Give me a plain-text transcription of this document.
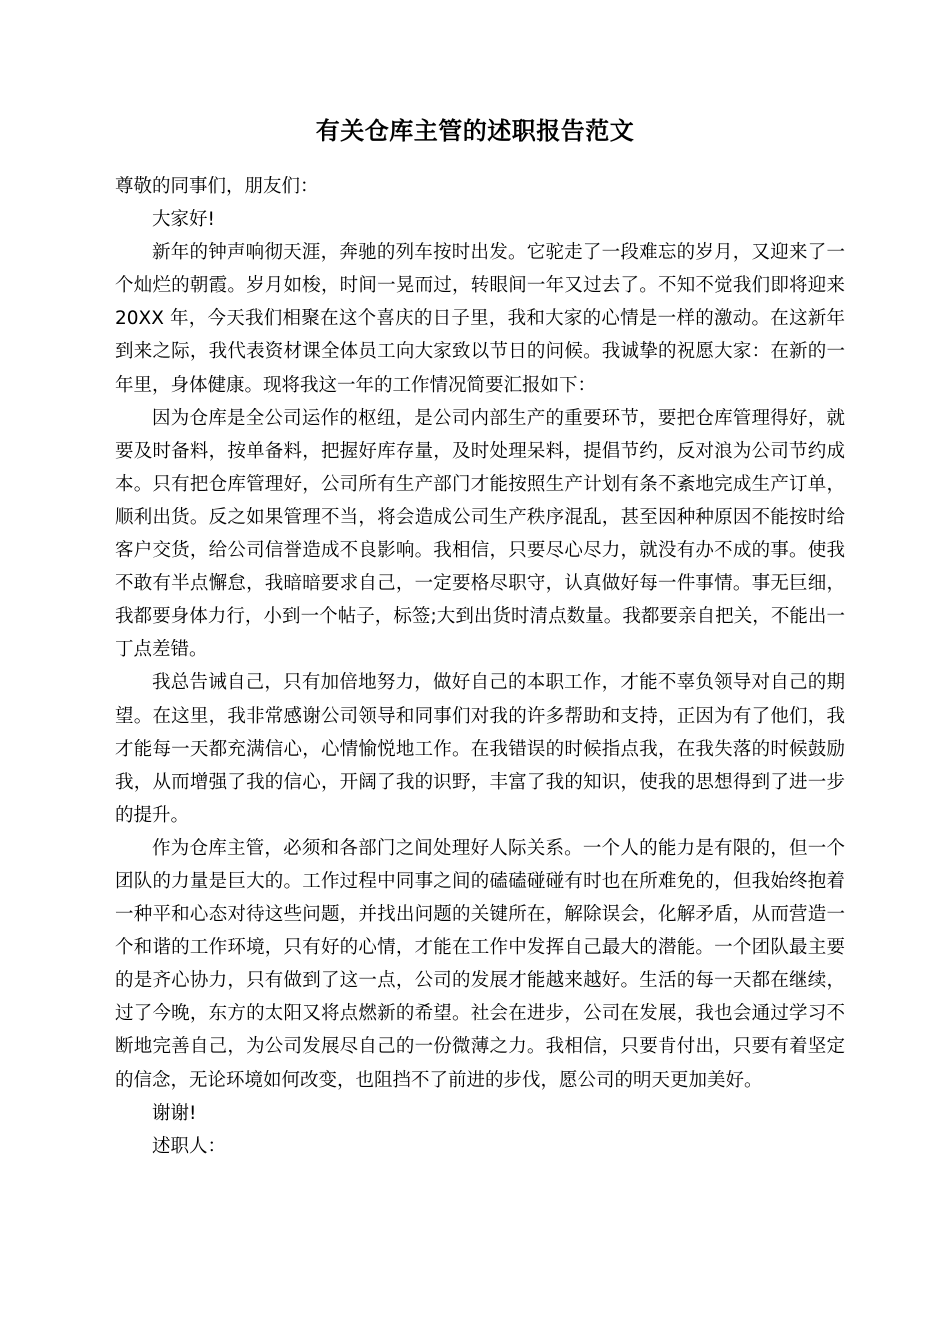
有关仓库主管的述职报告范文

尊敬的同事们，朋友们：

大家好!

新年的钟声响彻天涯，奔驰的列车按时出发。它驼走了一段难忘的岁月，又迎来了一个灿烂的朝霞。岁月如梭，时间一晃而过，转眼间一年又过去了。不知不觉我们即将迎来 20XX 年，今天我们相聚在这个喜庆的日子里，我和大家的心情是一样的激动。在这新年到来之际，我代表资材课全体员工向大家致以节日的问候。我诚挚的祝愿大家：在新的一年里，身体健康。现将我这一年的工作情况简要汇报如下：

因为仓库是全公司运作的枢纽，是公司内部生产的重要环节，要把仓库管理得好，就要及时备料，按单备料，把握好库存量，及时处理呆料，提倡节约，反对浪为公司节约成本。只有把仓库管理好，公司所有生产部门才能按照生产计划有条不紊地完成生产订单，顺利出货。反之如果管理不当，将会造成公司生产秩序混乱，甚至因种种原因不能按时给客户交货，给公司信誉造成不良影响。我相信，只要尽心尽力，就没有办不成的事。使我不敢有半点懈怠，我暗暗要求自己，一定要格尽职守，认真做好每一件事情。事无巨细，我都要身体力行，小到一个帖子，标签;大到出货时清点数量。我都要亲自把关，不能出一丁点差错。

我总告诫自己，只有加倍地努力，做好自己的本职工作，才能不辜负领导对自己的期望。在这里，我非常感谢公司领导和同事们对我的许多帮助和支持，正因为有了他们，我才能每一天都充满信心，心情愉悦地工作。在我错误的时候指点我，在我失落的时候鼓励我，从而增强了我的信心，开阔了我的识野，丰富了我的知识，使我的思想得到了进一步的提升。

作为仓库主管，必须和各部门之间处理好人际关系。一个人的能力是有限的，但一个团队的力量是巨大的。工作过程中同事之间的磕磕碰碰有时也在所难免的，但我始终抱着一种平和心态对待这些问题，并找出问题的关键所在，解除误会，化解矛盾，从而营造一个和谐的工作环境，只有好的心情，才能在工作中发挥自己最大的潜能。一个团队最主要的是齐心协力，只有做到了这一点，公司的发展才能越来越好。生活的每一天都在继续，过了今晚，东方的太阳又将点燃新的希望。社会在进步，公司在发展，我也会通过学习不断地完善自己，为公司发展尽自己的一份微薄之力。我相信，只要肯付出，只要有着坚定的信念，无论环境如何改变，也阻挡不了前进的步伐，愿公司的明天更加美好。

谢谢!

述职人：
